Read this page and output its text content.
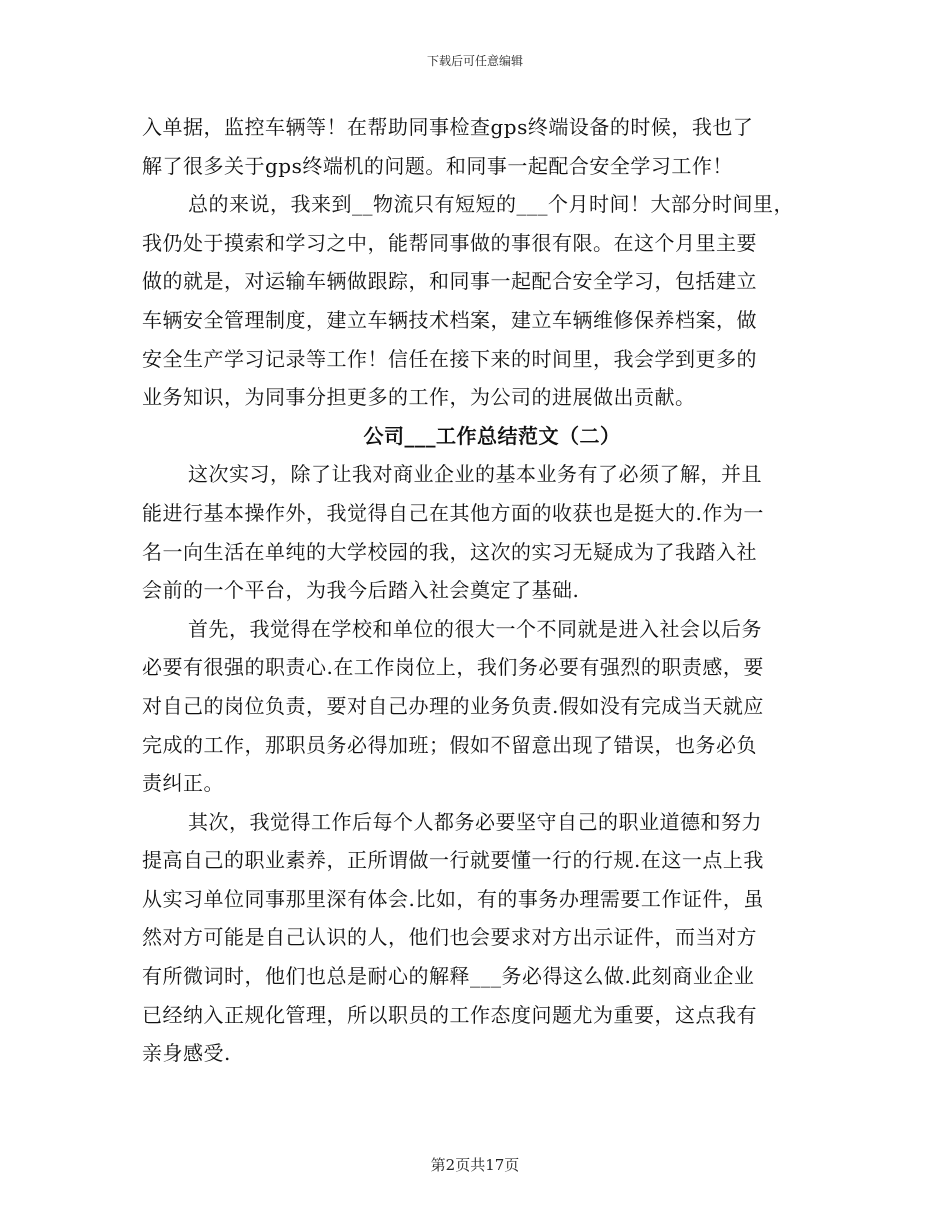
下载后可任意编辑
入单据，监控车辆等！在帮助同事检查gps终端设备的时候，我也了
解了很多关于gps终端机的问题。和同事一起配合安全学习工作！
总的来说，我来到__物流只有短短的___个月时间！大部分时间里，
我仍处于摸索和学习之中，能帮同事做的事很有限。在这个月里主要
做的就是，对运输车辆做跟踪，和同事一起配合安全学习，包括建立
车辆安全管理制度，建立车辆技术档案，建立车辆维修保养档案，做
安全生产学习记录等工作！信任在接下来的时间里，我会学到更多的
业务知识，为同事分担更多的工作，为公司的进展做出贡献。
公司___工作总结范文（二）
这次实习，除了让我对商业企业的基本业务有了必须了解，并且
能进行基本操作外，我觉得自己在其他方面的收获也是挺大的.作为一
名一向生活在单纯的大学校园的我，这次的实习无疑成为了我踏入社
会前的一个平台，为我今后踏入社会奠定了基础.
首先，我觉得在学校和单位的很大一个不同就是进入社会以后务
必要有很强的职责心.在工作岗位上，我们务必要有强烈的职责感，要
对自己的岗位负责，要对自己办理的业务负责.假如没有完成当天就应
完成的工作，那职员务必得加班；假如不留意出现了错误，也务必负
责纠正。
其次，我觉得工作后每个人都务必要坚守自己的职业道德和努力
提高自己的职业素养，正所谓做一行就要懂一行的行规.在这一点上我
从实习单位同事那里深有体会.比如，有的事务办理需要工作证件，虽
然对方可能是自己认识的人，他们也会要求对方出示证件，而当对方
有所微词时，他们也总是耐心的解释___务必得这么做.此刻商业企业
已经纳入正规化管理，所以职员的工作态度问题尤为重要，这点我有
亲身感受.
第2页共17页
